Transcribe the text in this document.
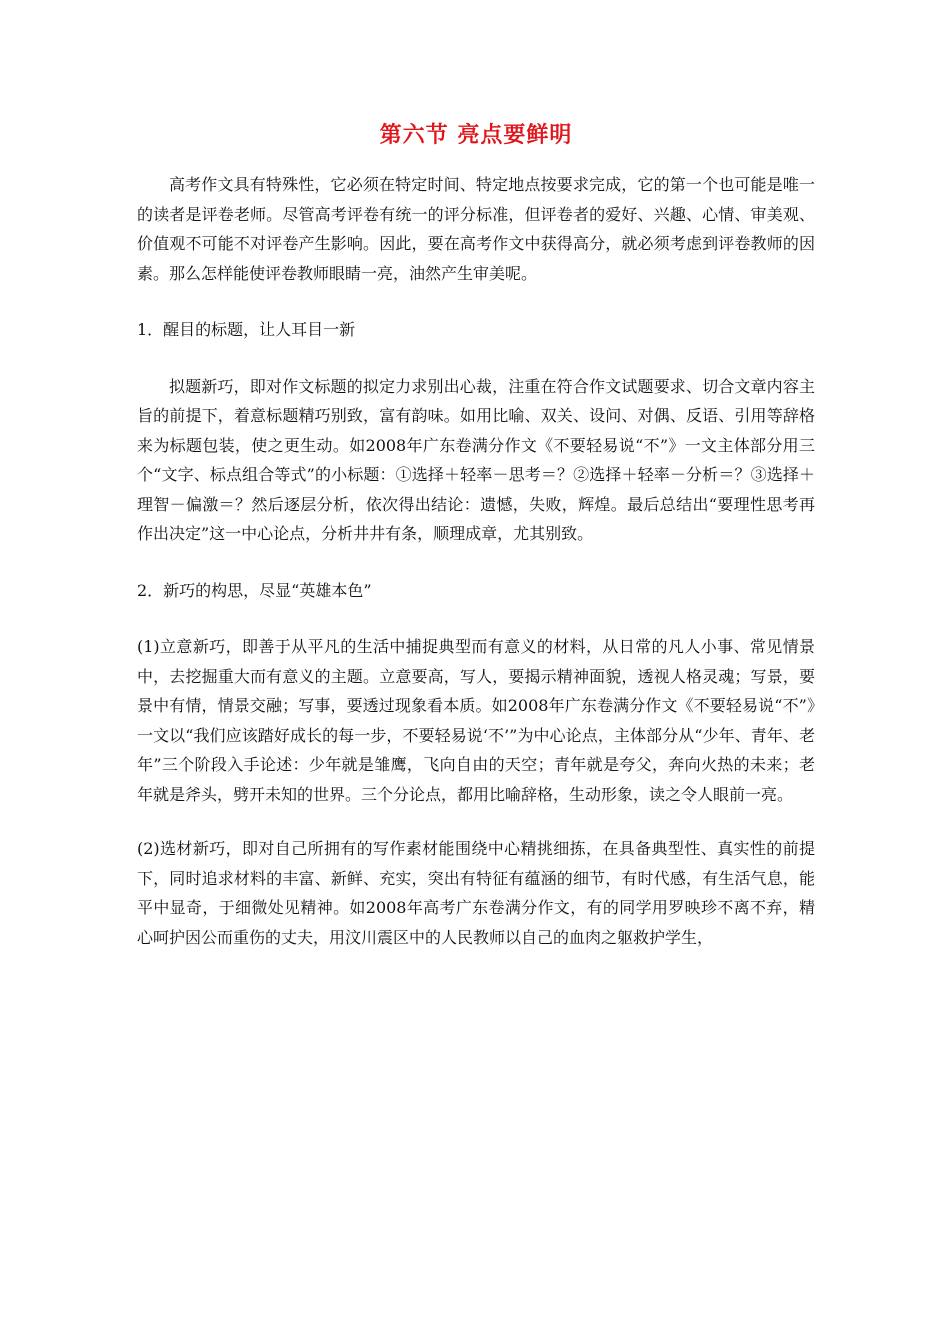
第六节 亮点要鲜明

高考作文具有特殊性，它必须在特定时间、特定地点按要求完成，它的第一个也可能是唯一的读者是评卷老师。尽管高考评卷有统一的评分标准，但评卷者的爱好、兴趣、心情、审美观、价值观不可能不对评卷产生影响。因此，要在高考作文中获得高分，就必须考虑到评卷教师的因素。那么怎样能使评卷教师眼睛一亮，油然产生审美呢。

1．醒目的标题，让人耳目一新

拟题新巧，即对作文标题的拟定力求别出心裁，注重在符合作文试题要求、切合文章内容主旨的前提下，着意标题精巧别致，富有韵味。如用比喻、双关、设问、对偶、反语、引用等辞格来为标题包装，使之更生动。如2008年广东卷满分作文《不要轻易说“不”》一文主体部分用三个“文字、标点组合等式”的小标题：①选择＋轻率－思考＝？②选择＋轻率－分析＝？③选择＋理智－偏激＝？然后逐层分析，依次得出结论：遗憾，失败，辉煌。最后总结出“要理性思考再作出决定”这一中心论点，分析井井有条，顺理成章，尤其别致。

2．新巧的构思，尽显“英雄本色”

(1)立意新巧，即善于从平凡的生活中捕捉典型而有意义的材料，从日常的凡人小事、常见情景中，去挖掘重大而有意义的主题。立意要高，写人，要揭示精神面貌，透视人格灵魂；写景，要景中有情，情景交融；写事，要透过现象看本质。如2008年广东卷满分作文《不要轻易说“不”》一文以“我们应该踏好成长的每一步，不要轻易说‘不’”为中心论点，主体部分从“少年、青年、老年”三个阶段入手论述：少年就是雏鹰，飞向自由的天空；青年就是夸父，奔向火热的未来；老年就是斧头，劈开未知的世界。三个分论点，都用比喻辞格，生动形象，读之令人眼前一亮。

(2)选材新巧，即对自己所拥有的写作素材能围绕中心精挑细拣，在具备典型性、真实性的前提下，同时追求材料的丰富、新鲜、充实，突出有特征有蕴涵的细节，有时代感，有生活气息，能平中显奇，于细微处见精神。如2008年高考广东卷满分作文，有的同学用罗映珍不离不弃，精心呵护因公而重伤的丈夫，用汶川震区中的人民教师以自己的血肉之躯救护学生，
